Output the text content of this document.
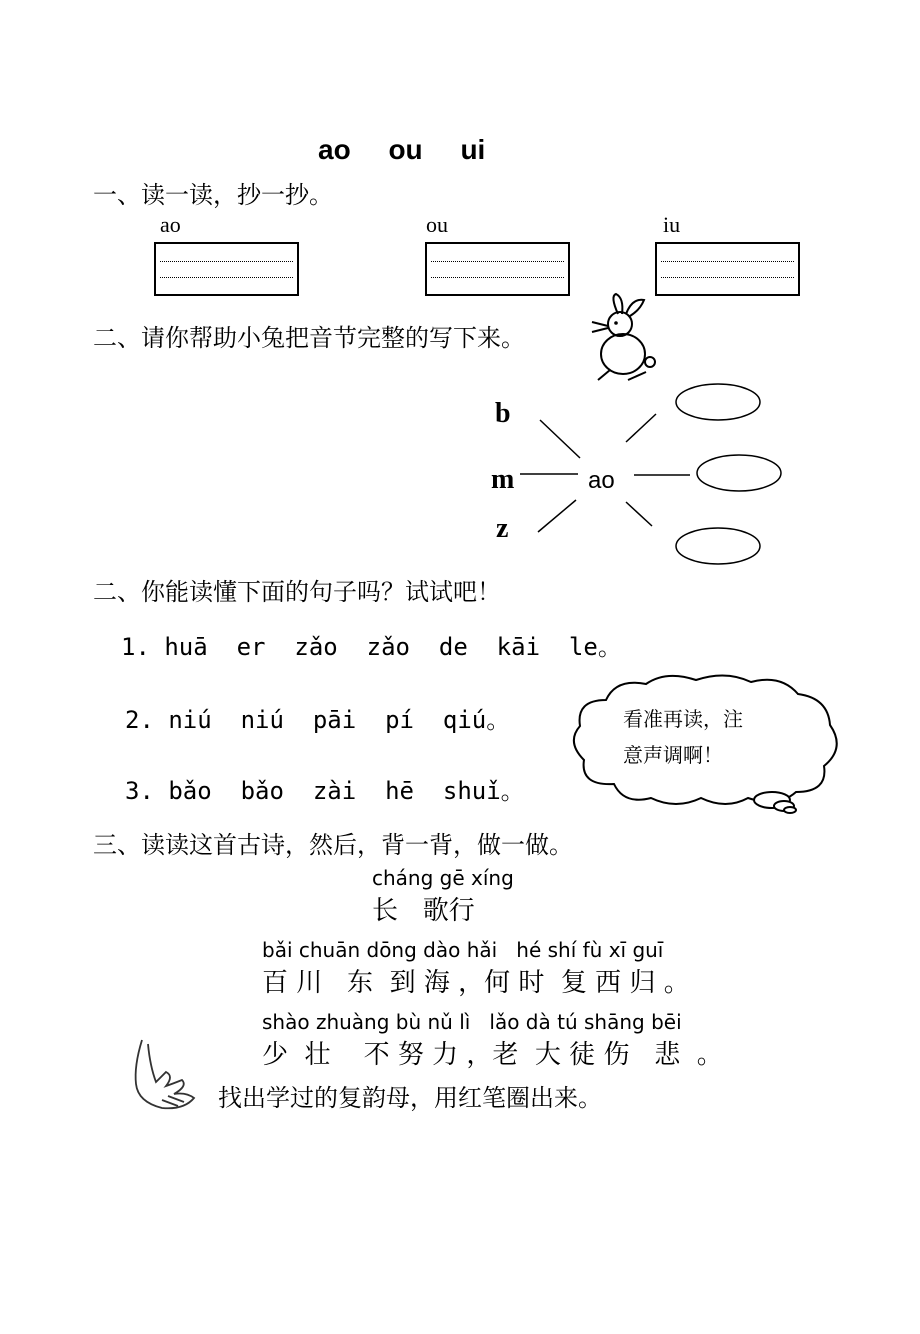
ao ou ui
一、读一读，抄一抄。
ao	ou	iu
二、请你帮助小兔把音节完整的写下来。
b
m
z
ao
二、你能读懂下面的句子吗？试试吧！
1. huā  er  zǎo  zǎo  de  kāi  le。
2. niú  niú  pāi  pí  qiú。
3. bǎo  bǎo  zài  hē  shuǐ。
看准再读，注
意声调啊！
三、读读这首古诗，然后，背一背，做一做。
cháng gē xíng
长   歌行
bǎi chuān dōng dào hǎi   hé shí fù xī guī
百 川   东  到 海 ，何 时  复 西 归 。
shào zhuàng bù nǔ lì   lǎo dà tú shāng bēi
少  壮    不 努 力 ，老  大 徒 伤   悲  。
找出学过的复韵母，用红笔圈出来。
